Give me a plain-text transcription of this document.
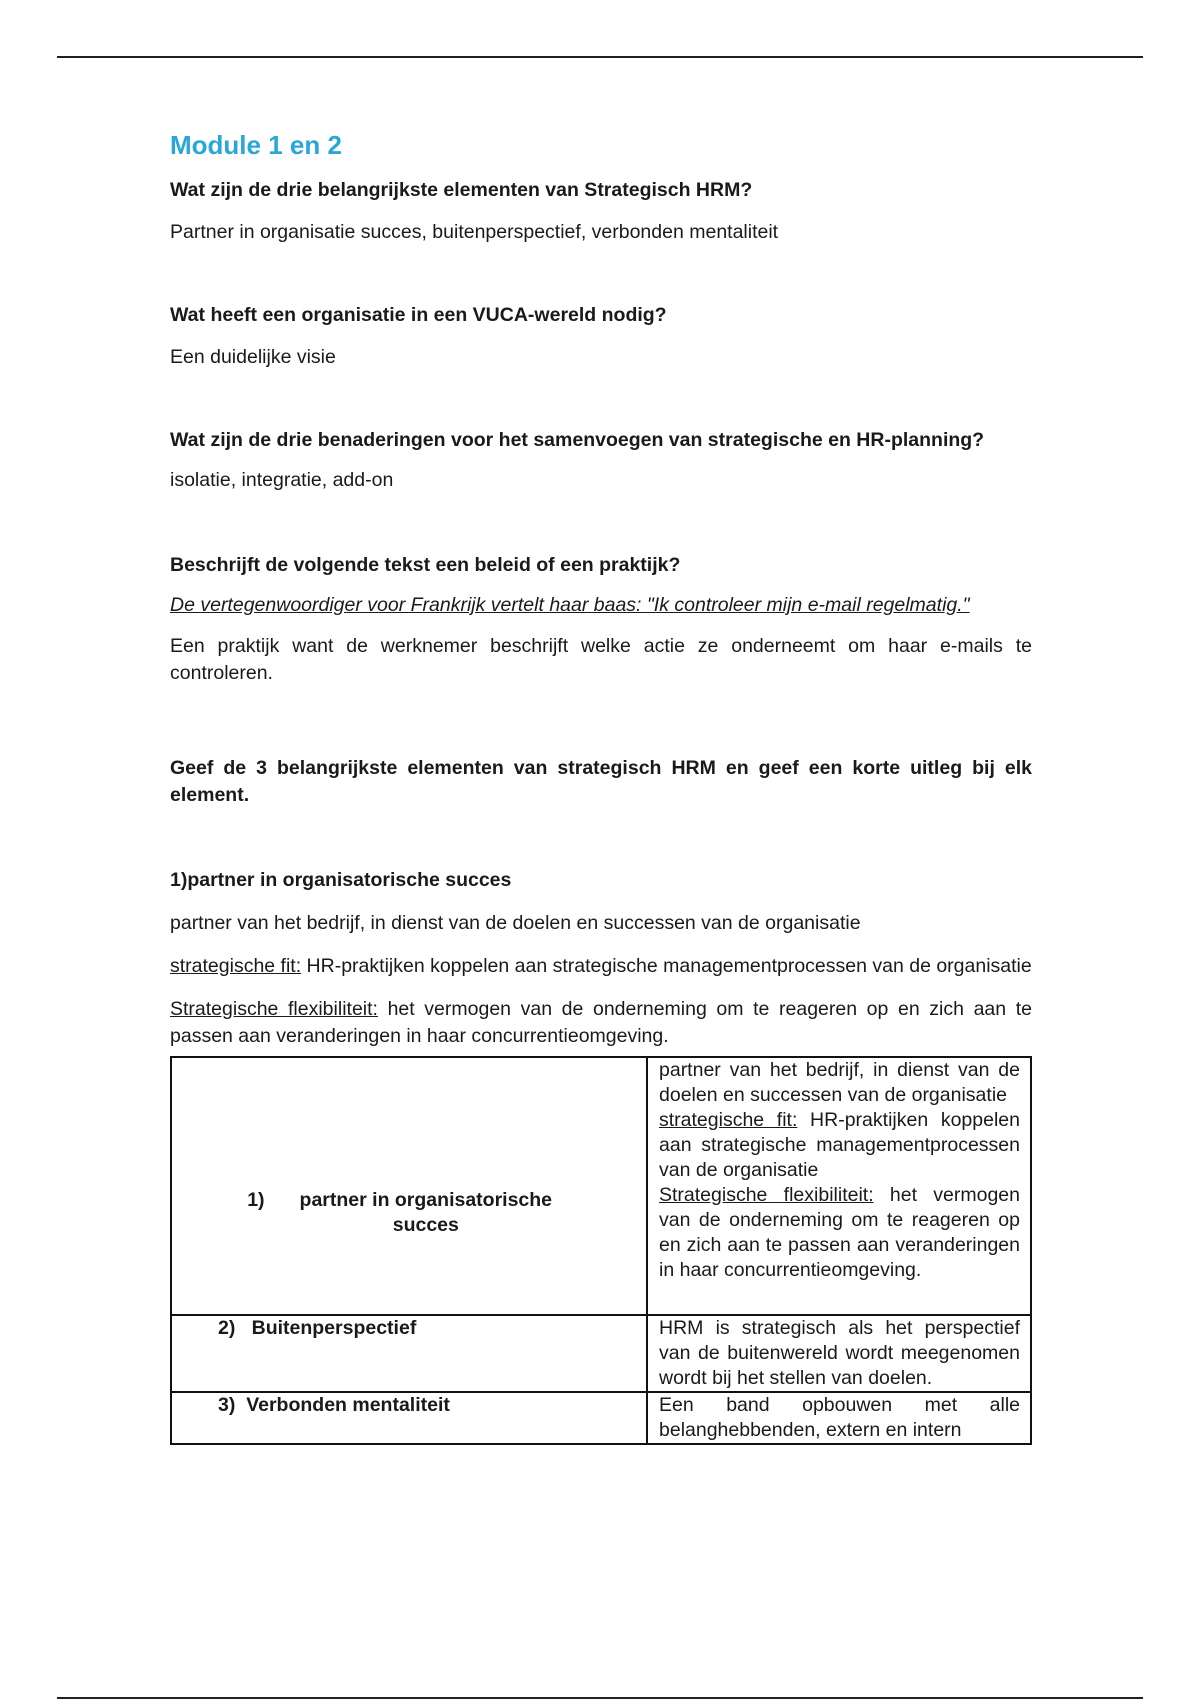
Module 1 en 2

Wat zijn de drie belangrijkste elementen van Strategisch HRM?

Partner in organisatie succes, buitenperspectief, verbonden mentaliteit

Wat heeft een organisatie in een VUCA-wereld nodig?

Een duidelijke visie

Wat zijn de drie benaderingen voor het samenvoegen van strategische en HR-planning?

isolatie, integratie, add-on

Beschrijft de volgende tekst een beleid of een praktijk?

De vertegenwoordiger voor Frankrijk vertelt haar baas: "Ik controleer mijn e-mail regelmatig."

Een praktijk want de werknemer beschrijft welke actie ze onderneemt om haar e-mails te controleren.

Geef de 3 belangrijkste elementen van strategisch HRM en geef een korte uitleg bij elk element.

1)partner in organisatorische succes

partner van het bedrijf, in dienst van de doelen en successen van de organisatie

strategische fit: HR-praktijken koppelen aan strategische managementprocessen van de organisatie

Strategische flexibiliteit: het vermogen van de onderneming om te reageren op en zich aan te passen aan veranderingen in haar concurrentieomgeving.

1) partner in organisatorische succes	partner van het bedrijf, in dienst van de doelen en successen van de organisatie
strategische fit: HR-praktijken koppelen aan strategische managementprocessen van de organisatie
Strategische flexibiliteit: het vermogen van de onderneming om te reageren op en zich aan te passen aan veranderingen in haar concurrentieomgeving.

2) Buitenperspectief	HRM is strategisch als het perspectief van de buitenwereld wordt meegenomen wordt bij het stellen van doelen.
3) Verbonden mentaliteit	Een band opbouwen met alle belanghebbenden, extern en intern
